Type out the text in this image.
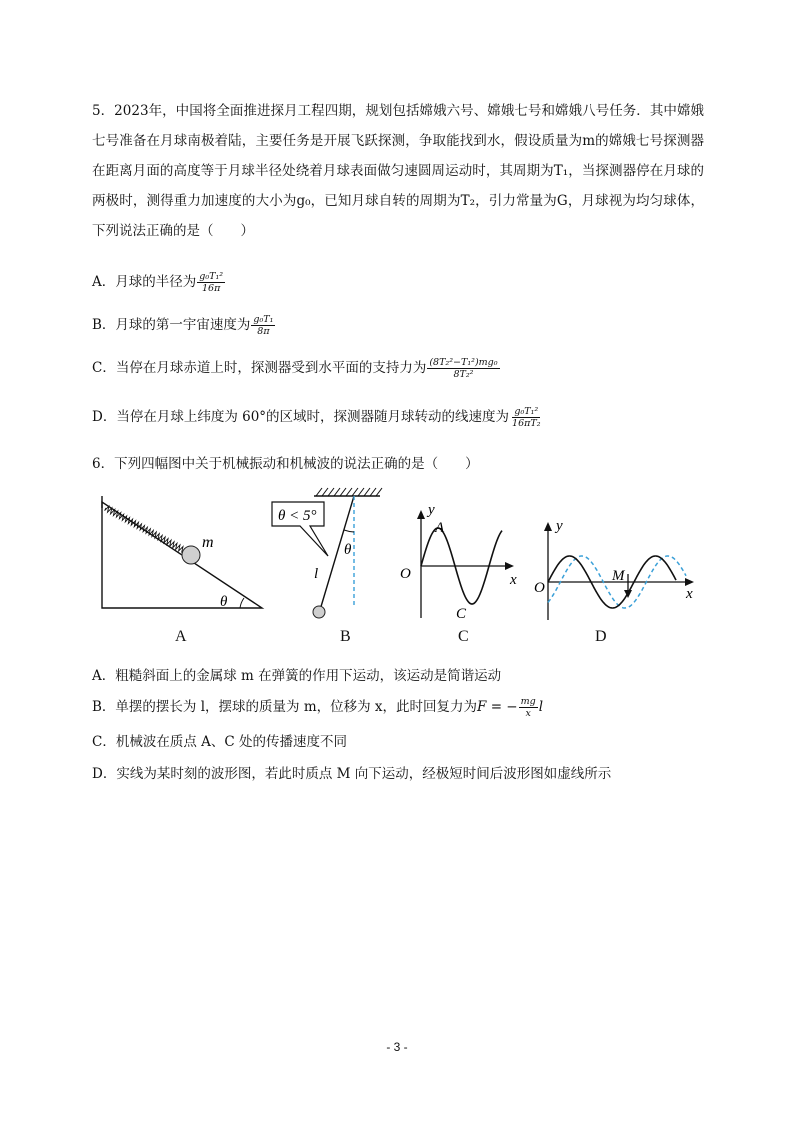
5．2023年，中国将全面推进探月工程四期，规划包括嫦娥六号、嫦娥七号和嫦娥八号任务．其中嫦娥七号准备在月球南极着陆，主要任务是开展飞跃探测，争取能找到水，假设质量为m的嫦娥七号探测器在距离月面的高度等于月球半径处绕着月球表面做匀速圆周运动时，其周期为T₁，当探测器停在月球的两极时，测得重力加速度的大小为g₀，已知月球自转的周期为T₂，引力常量为G，月球视为均匀球体，下列说法正确的是（　　）
A．月球的半径为 $\frac{\text{g₀T₁²}}{16\pi}$
B．月球的第一宇宙速度为 $\frac{\text{g₀T₁}}{8\pi}$
C．当停在月球赤道上时，探测器受到水平面的支持力为 $\frac{\text{(8T₂²−T₁²)mg₀}}{\text{8T₂²}}$
D．当停在月球上纬度为 60°的区域时，探测器随月球转动的线速度为 $\frac{\text{g₀T₁²}}{\text{16πT₂}}$
6．下列四幅图中关于机械振动和机械波的说法正确的是（　　）
m
θ
θ
l
θ < 5°	y
x
O
A
C
y
x
O
M
A	B	C	D
A．粗糙斜面上的金属球 m 在弹簧的作用下运动，该运动是简谐运动
B．单摆的摆长为 l，摆球的质量为 m，位移为 x，此时回复力为F = − $\frac{mg}{x}$ l
C．机械波在质点 A、C 处的传播速度不同
D．实线为某时刻的波形图，若此时质点 M 向下运动，经极短时间后波形图如虚线所示
- 3 -
